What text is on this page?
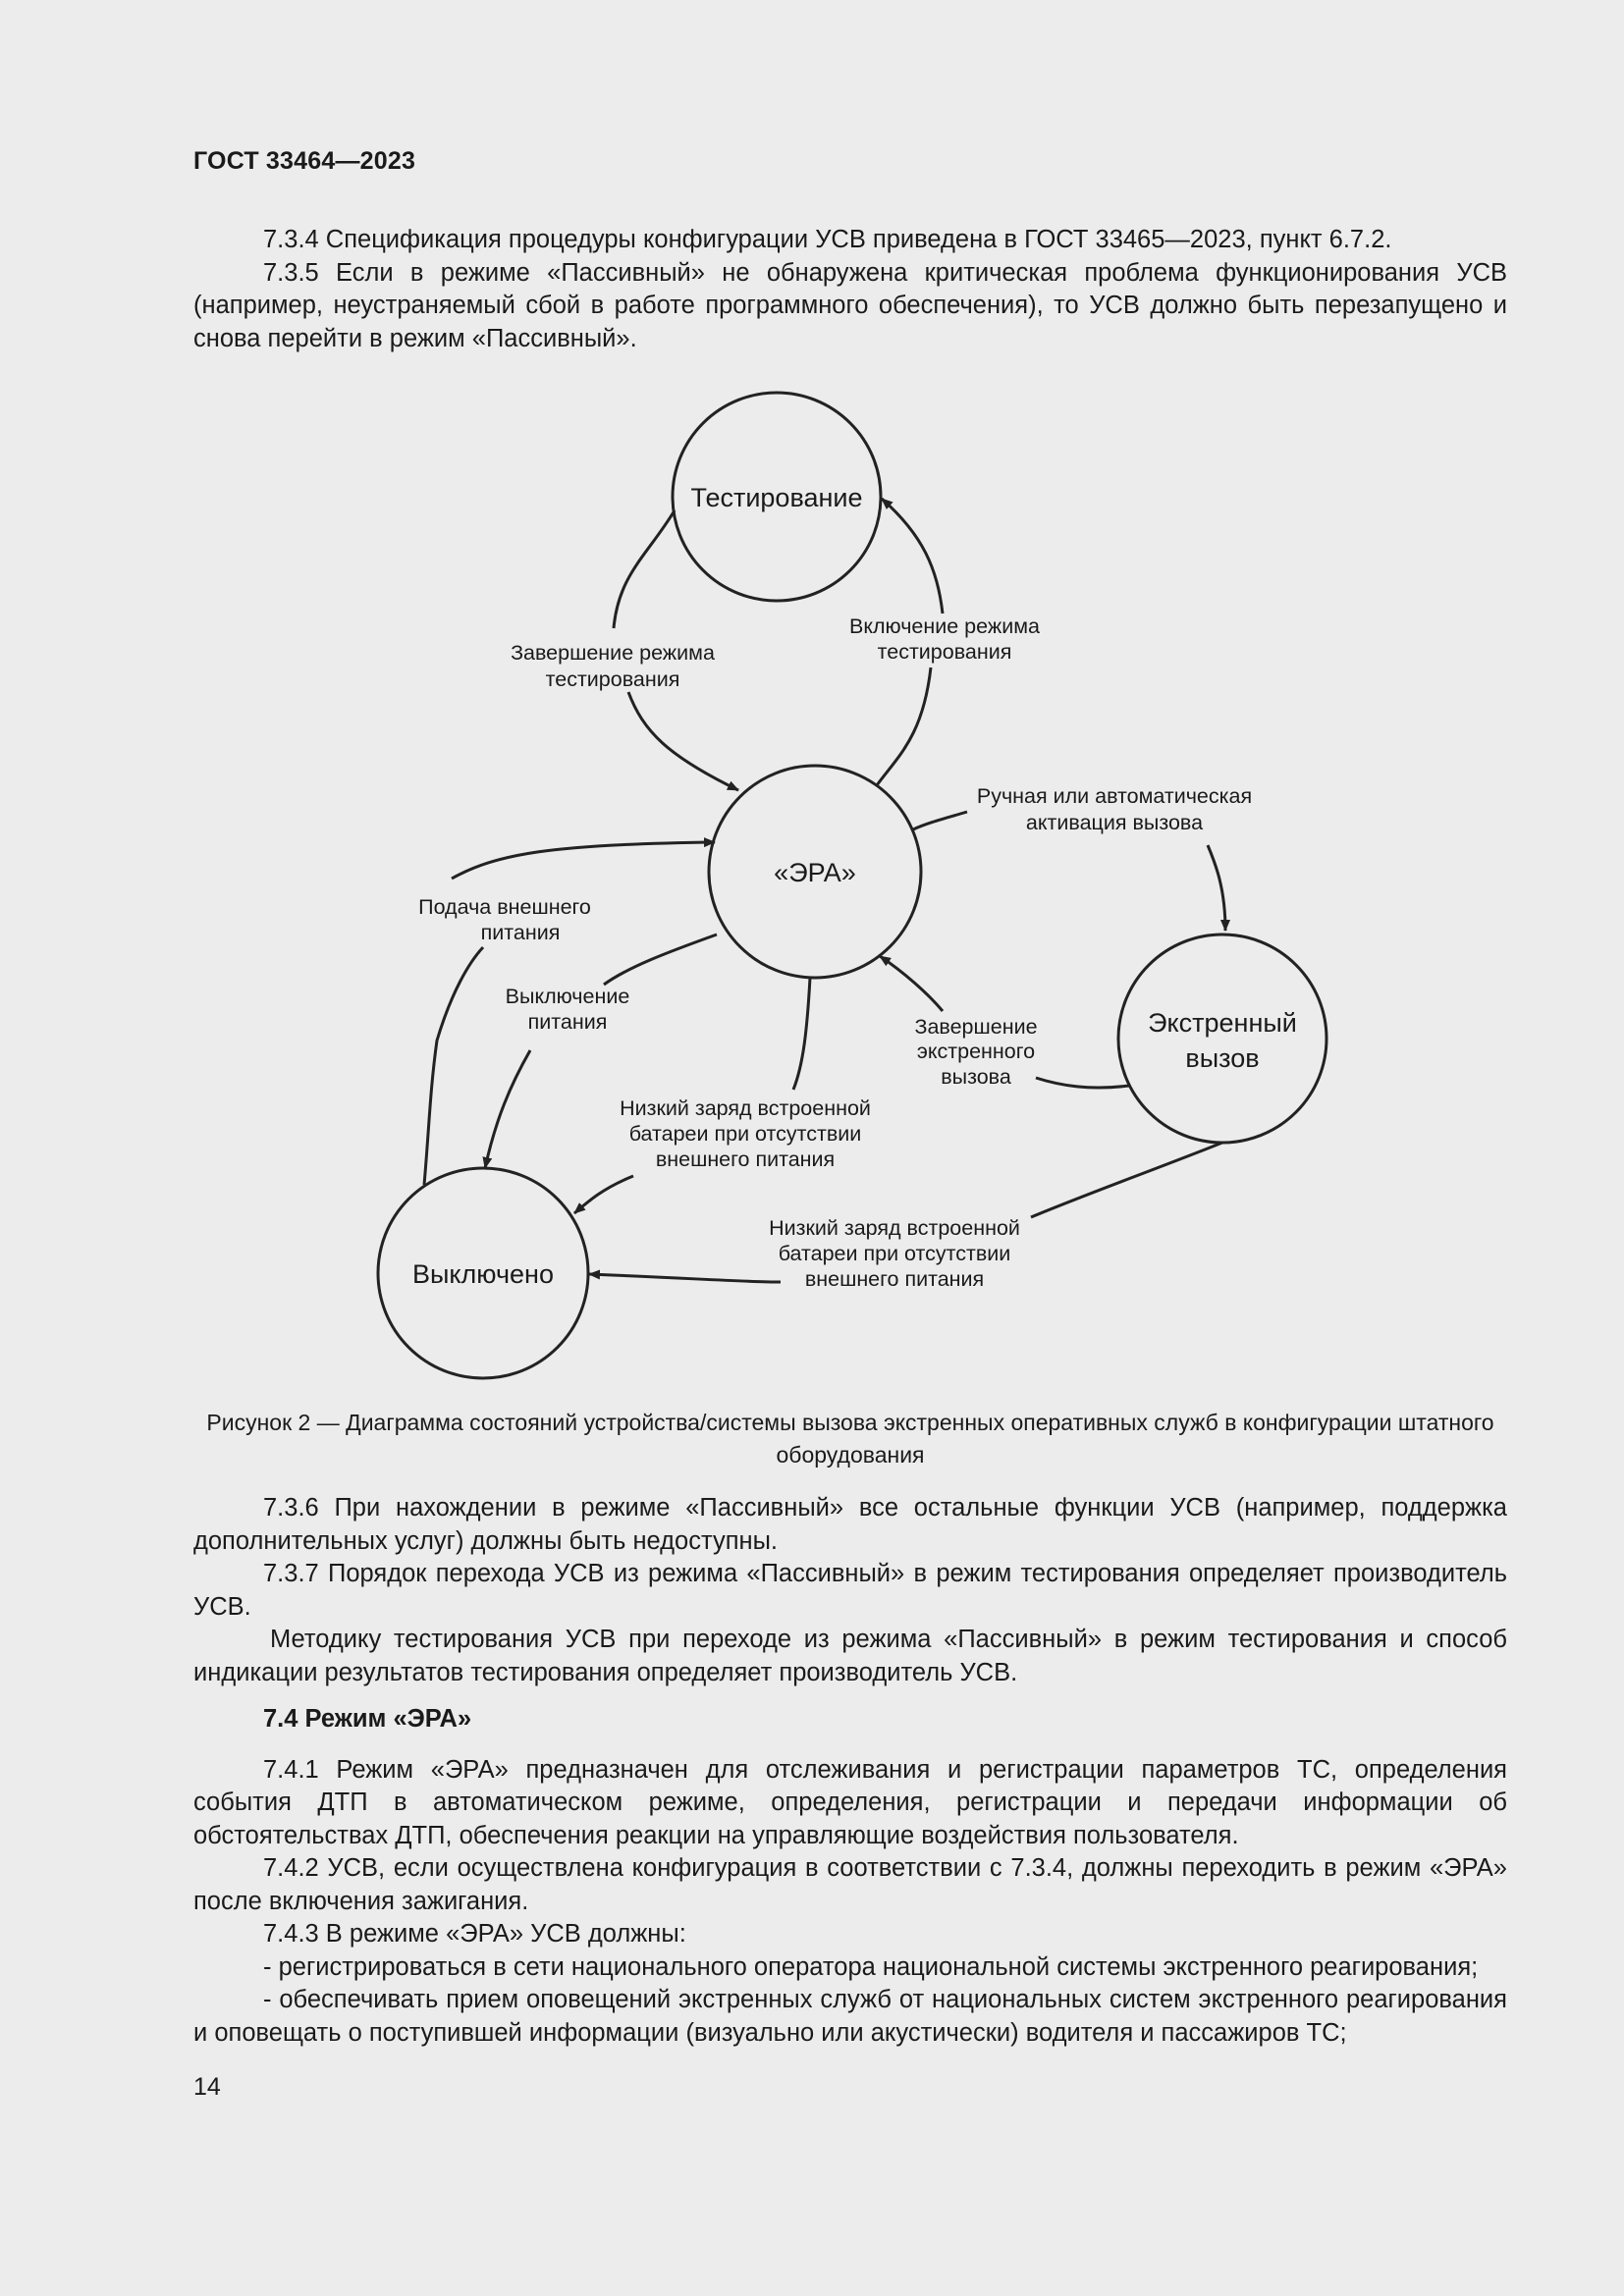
ГОСТ 33464—2023

7.3.4 Спецификация процедуры конфигурации УСВ приведена в ГОСТ 33465—2023, пункт 6.7.2.

7.3.5 Если в режиме «Пассивный» не обнаружена критическая проблема функционирования УСВ (например, неустраняемый сбой в работе программного обеспечения), то УСВ должно быть перезапущено и снова перейти в режим «Пассивный».

Тестирование
«ЭРА»
Экстренный
вызов
Выключено
Завершение режима
тестирования
Включение режима
тестирования
Ручная или автоматическая
активация вызова
Завершение
экстренного
вызова
Подача внешнего
питания
Выключение
питания
Низкий заряд встроенной
батареи при отсутствии
внешнего питания
Низкий заряд встроенной
батареи при отсутствии
внешнего питания
Рисунок 2 — Диаграмма состояний устройства/системы вызова экстренных оперативных служб в конфигурации штатного оборудования

7.3.6 При нахождении в режиме «Пассивный» все остальные функции УСВ (например, поддержка дополнительных услуг) должны быть недоступны.

7.3.7 Порядок перехода УСВ из режима «Пассивный» в режим тестирования определяет производитель УСВ.

Методику тестирования УСВ при переходе из режима «Пассивный» в режим тестирования и способ индикации результатов тестирования определяет производитель УСВ.

7.4 Режим «ЭРА»

7.4.1 Режим «ЭРА» предназначен для отслеживания и регистрации параметров ТС, определения события ДТП в автоматическом режиме, определения, регистрации и передачи информации об обстоятельствах ДТП, обеспечения реакции на управляющие воздействия пользователя.

7.4.2 УСВ, если осуществлена конфигурация в соответствии с 7.3.4, должны переходить в режим «ЭРА» после включения зажигания.

7.4.3 В режиме «ЭРА» УСВ должны:

- регистрироваться в сети национального оператора национальной системы экстренного реагирования;

- обеспечивать прием оповещений экстренных служб от национальных систем экстренного реагирования и оповещать о поступившей информации (визуально или акустически) водителя и пассажиров ТС;

14
